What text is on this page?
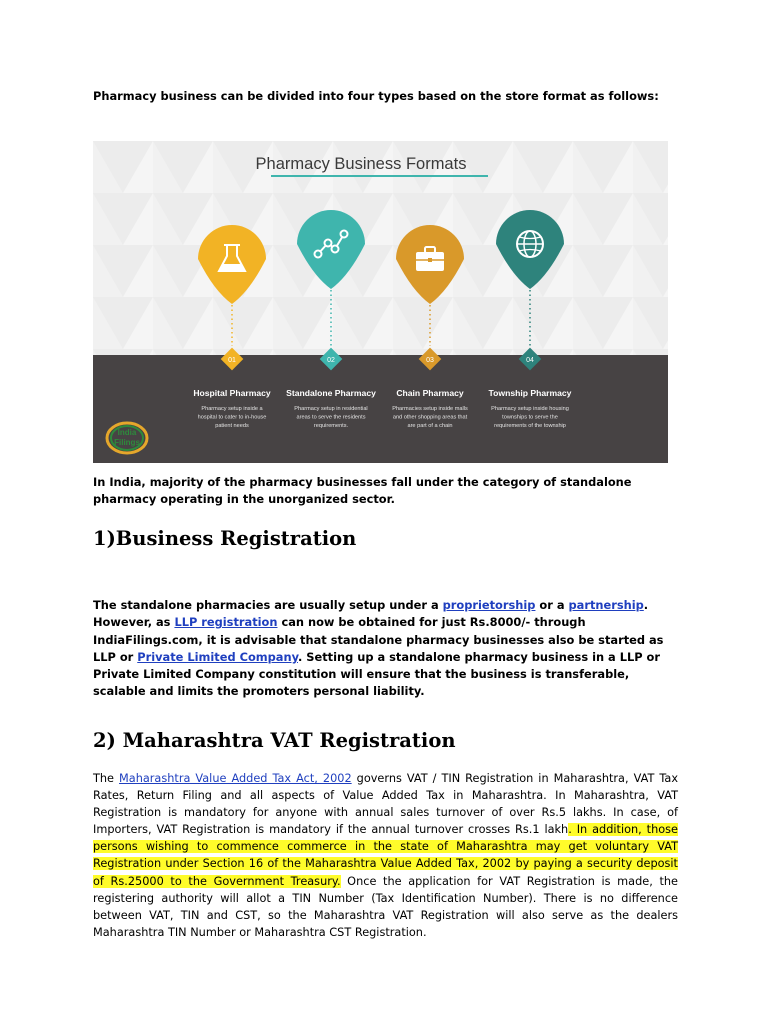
Pharmacy business can be divided into four types based on the store format as follows:
Pharmacy Business Formats
01
Hospital Pharmacy
Pharmacy setup inside a
hospital to cater to in-house
patient needs
02
Standalone Pharmacy
Pharmacy setup in residential
areas to serve the residents
requirements.
03
Chain Pharmacy
Pharmacies setup inside malls
and other shopping areas that
are part of a chain
04
Township Pharmacy
Pharmacy setup inside housing
townships to serve the
requirements of the township
India
Filings
In India, majority of the pharmacy businesses fall under the category of standalone pharmacy operating in the unorganized sector.
1)Business Registration
The standalone pharmacies are usually setup under a proprietorship or a partnership. However, as LLP registration can now be obtained for just Rs.8000/- through IndiaFilings.com, it is advisable that standalone pharmacy businesses also be started as LLP or Private Limited Company. Setting up a standalone pharmacy business in a LLP or Private Limited Company constitution will ensure that the business is transferable, scalable and limits the promoters personal liability.
2) Maharashtra VAT Registration
The Maharashtra Value Added Tax Act, 2002 governs VAT / TIN Registration in Maharashtra, VAT Tax Rates, Return Filing and all aspects of Value Added Tax in Maharashtra. In Maharashtra, VAT Registration is mandatory for anyone with annual sales turnover of over Rs.5 lakhs. In case, of Importers, VAT Registration is mandatory if the annual turnover crosses Rs.1 lakh. In addition, those persons wishing to commence commerce in the state of Maharashtra may get voluntary VAT Registration under Section 16 of the Maharashtra Value Added Tax, 2002 by paying a security deposit of Rs.25000 to the Government Treasury. Once the application for VAT Registration is made, the registering authority will allot a TIN Number (Tax Identification Number). There is no difference between VAT, TIN and CST, so the Maharashtra VAT Registration will also serve as the dealers Maharashtra TIN Number or Maharashtra CST Registration.
